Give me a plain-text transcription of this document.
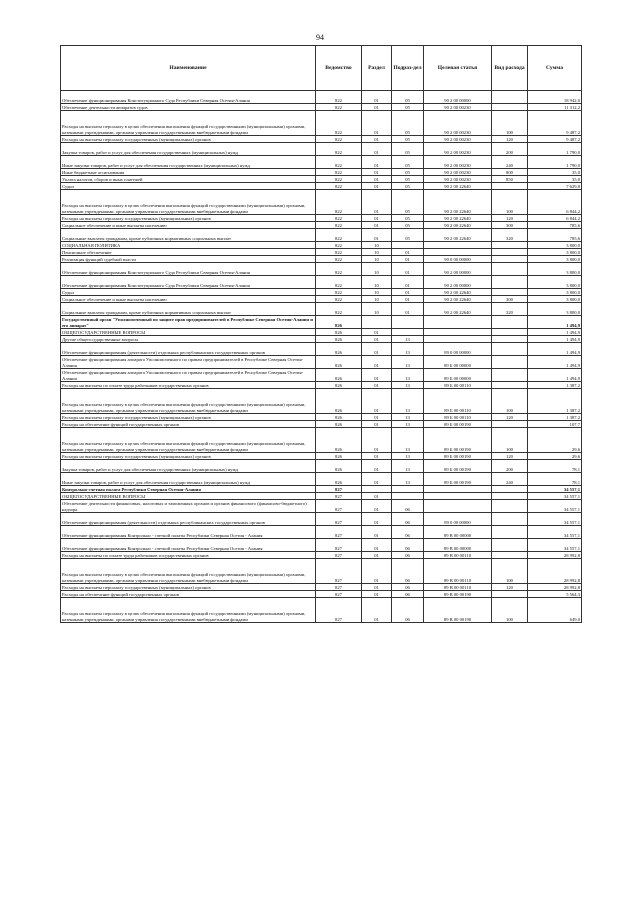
94
Наименование	Ведомство	Раздел	Подраз-дел	Целевая статья	Вид расхода	Сумма
Обеспечение функционирования Конституционного Суда Республики Северная Осетия-Алания	822	01	05	90 2 00 00000		18 942,0
Обеспечение деятельности аппаратов судов	822	01	05	90 2 00 00230		11 312,2
Расходы на выплаты персоналу в целях обеспечения выполнения функций государственными (муниципальными) органами, казенными учреждениями, органами управления государственными внебюджетными фондами	822	01	05	90 2 00 00230	100	9 487,2
Расходы на выплаты персоналу государственных (муниципальных) органов	822	01	05	90 2 00 00230	120	9 487,2
Закупка товаров, работ и услуг для обеспечения государственных (муниципальных) нужд	822	01	05	90 2 00 00230	200	1 790,0
Иные закупки товаров, работ и услуг для обеспечения государственных (муниципальных) нужд	822	01	05	90 2 00 00230	240	1 790,0
Иные бюджетные ассигнования	822	01	05	90 2 00 00230	800	35,0
Уплата налогов, сборов и иных платежей	822	01	05	90 2 00 00230	850	35,0
Судьи	822	01	05	90 2 00 22640		7 629,8
Расходы на выплаты персоналу в целях обеспечения выполнения функций государственными (муниципальными) органами, казенными учреждениями, органами управления государственными внебюджетными фондами	822	01	05	90 2 00 22640	100	6 844,2
Расходы на выплаты персоналу государственных (муниципальных) органов	822	01	05	90 2 00 22640	120	6 844,2
Социальное обеспечение и иные выплаты населению	822	01	05	90 2 00 22640	300	785,6
Социальные выплаты гражданам, кроме публичных нормативных социальных выплат	822	01	05	90 2 00 22640	320	785,6
СОЦИАЛЬНАЯ ПОЛИТИКА	822	10				3 800,0
Пенсионное обеспечение	822	10	01			3 800,0
Реализация функций судебной власти	822	10	01	90 0 00 00000		3 800,0
Обеспечение функционирования Конституционного Суда Республики Северная Осетия-Алания	822	10	01	90 2 00 00000		3 800,0
Обеспечение функционирования Конституционного Суда Республики Северная Осетия-Алания	822	10	01	90 2 00 00000		3 800,0
Судьи	822	10	01	90 2 00 22640		3 800,0
Социальное обеспечение и иные выплаты населению	822	10	01	90 2 00 22640	300	3 800,0
Социальные выплаты гражданам, кроме публичных нормативных социальных выплат	822	10	01	90 2 00 22640	320	3 800,0
Государственный орган "Уполномоченный по защите прав предпринимателей в Республике Северная Осетия-Алания и его аппарат"	826					1 494,9
ОБЩЕГОСУДАРСТВЕННЫЕ ВОПРОСЫ	826	01				1 494,9
Другие общегосударственные вопросы	826	01	13			1 494,9
Обеспечение функционирования (деятельности) отдельных республиканских государственных органов	826	01	13	89 0 00 00000		1 494,9
Обеспечение функционирования аппарата Уполномоченного по правам предпринимателей в Республике Северная Осетия-Алания	826	01	13	89 Б 00 00000		1 494,9
Обеспечение функционирования аппарата Уполномоченного по правам предпринимателей в Республике Северная Осетия-Алания	826	01	13	89 Б 00 00000		1 494,9
Расходы на выплаты по оплате труда работников государственных органов	826	01	13	89 Б 00 00110		1 387,2
Расходы на выплаты персоналу в целях обеспечения выполнения функций государственными (муниципальными) органами, казенными учреждениями, органами управления государственными внебюджетными фондами	826	01	13	89 Б 00 00110	100	1 387,2
Расходы на выплаты персоналу государственных (муниципальных) органов	826	01	13	89 Б 00 00110	120	1 387,2
Расходы на обеспечение функций государственных органов	826	01	13	89 Б 00 00190		107,7
Расходы на выплаты персоналу в целях обеспечения выполнения функций государственными (муниципальными) органами, казенными учреждениями, органами управления государственными внебюджетными фондами	826	01	13	89 Б 00 00190	100	29,6
Расходы на выплаты персоналу государственных (муниципальных) органов	826	01	13	89 Б 00 00190	120	29,6
Закупка товаров, работ и услуг для обеспечения государственных (муниципальных) нужд	826	01	13	89 Б 00 00190	200	78,1
Иные закупки товаров, работ и услуг для обеспечения государственных (муниципальных) нужд	826	01	13	89 Б 00 00190	240	78,1
Контрольно-счетная палата Республики Северная Осетия-Алания	827					34 557,1
ОБЩЕГОСУДАРСТВЕННЫЕ ВОПРОСЫ	827	01				34 557,1
Обеспечение деятельности финансовых, налоговых и таможенных органов и органов финансового (финансово-бюджетного) надзора	827	01	06			34 557,1
Обеспечение функционирования (деятельности) отдельных республиканских государственных органов	827	01	06	89 0 00 00000		34 557,1
Обеспечение функционирования Контрольно - счетной палаты Республики Северная Осетия - Алания	827	01	06	89 В 00 00000		34 557,1
Обеспечение функционирования Контрольно - счетной палаты Республики Северная Осетия - Алания	827	01	06	89 В 00 00000		34 557,1
Расходы на выплаты по оплате труда работников государственных органов	827	01	06	89 В 00 00110		28 992,8
Расходы на выплаты персоналу в целях обеспечения выполнения функций государственными (муниципальными) органами, казенными учреждениями, органами управления государственными внебюджетными фондами	827	01	06	89 В 00 00110	100	28 992,8
Расходы на выплаты персоналу государственных (муниципальных) органов	827	01	06	89 В 00 00110	120	28 992,8
Расходы на обеспечение функций государственных органов	827	01	06	89 В 00 00190		5 564,3
Расходы на выплаты персоналу в целях обеспечения выполнения функций государственными (муниципальными) органами, казенными учреждениями, органами управления государственными внебюджетными фондами	827	01	06	89 В 00 00190	100	649,0
